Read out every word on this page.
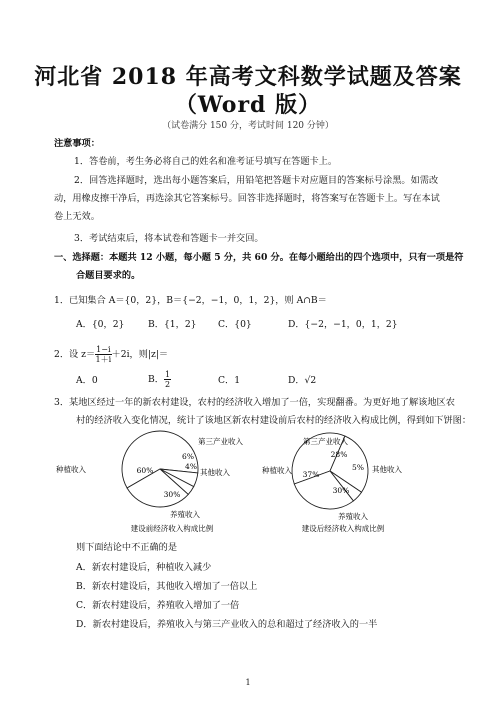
河北省 2018 年高考文科数学试题及答案
（Word 版）
（试卷满分 150 分，考试时间 120 分钟）
注意事项：
1．答卷前，考生务必将自己的姓名和准考证号填写在答题卡上。
2．回答选择题时，选出每小题答案后，用铅笔把答题卡对应题目的答案标号涂黑。如需改动，用橡皮擦干净后，再选涂其它答案标号。回答非选择题时，将答案写在答题卡上。写在本试卷上无效。
3．考试结束后，将本试卷和答题卡一并交回。
一、选择题：本题共 12 小题，每小题 5 分，共 60 分。在每小题给出的四个选项中，只有一项是符
合题目要求的。
1．已知集合 A＝{0，2}，B＝{−2，−1，0，1，2}，则 A∩B＝
A．{0，2}	B．{1，2} C．{0}	D．{−2，−1，0，1，2}
2．设 $z= \frac{1-i}{1+i} +2i$，则|z|＝
A．0	B． $\frac{1}{2}$	C．1	D．√2
3．某地区经过一年的新农村建设，农村的经济收入增加了一倍，实现翻番。为更好地了解该地区农
村的经济收入变化情况，统计了该地区新农村建设前后农村的经济收入构成比例，得到如下饼图：
60%
种植收入
6%
第三产业收入
4%
其他收入
30%
养殖收入
建设前经济收入构成比例
37%
种植收入
28%
第三产业收入
5% 其他收入
30%
养殖收入
建设后经济收入构成比例
则下面结论中不正确的是
A．新农村建设后，种植收入减少
B．新农村建设后，其他收入增加了一倍以上
C．新农村建设后，养殖收入增加了一倍
D．新农村建设后，养殖收入与第三产业收入的总和超过了经济收入的一半
1
